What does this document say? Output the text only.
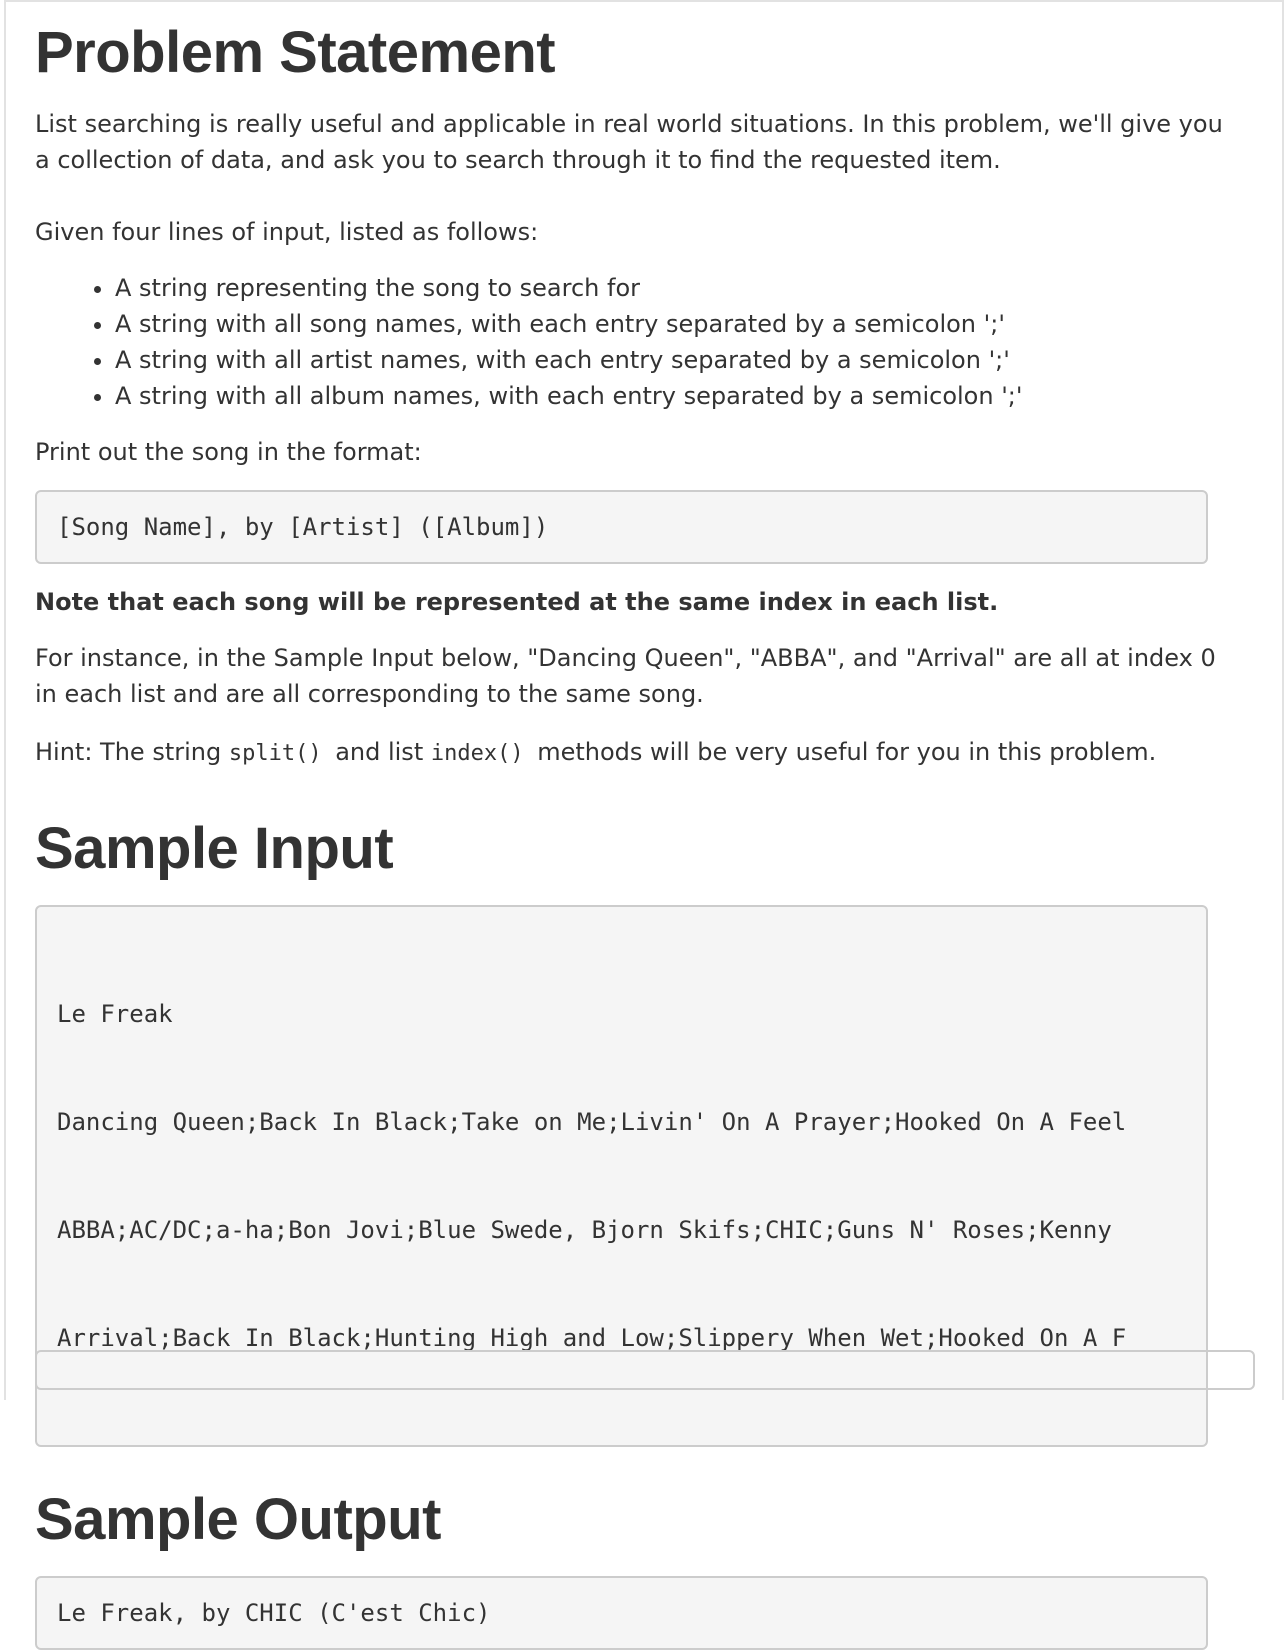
Problem Statement

List searching is really useful and applicable in real world situations. In this problem, we'll give you a collection of data, and ask you to search through it to find the requested item.

Given four lines of input, listed as follows:

• A string representing the song to search for
• A string with all song names, with each entry separated by a semicolon ';'
• A string with all artist names, with each entry separated by a semicolon ';'
• A string with all album names, with each entry separated by a semicolon ';'

Print out the song in the format:

[Song Name], by [Artist] ([Album])

Note that each song will be represented at the same index in each list.

For instance, in the Sample Input below, "Dancing Queen", "ABBA", and "Arrival" are all at index 0 in each list and are all corresponding to the same song.

Hint: The string split() and list index() methods will be very useful for you in this problem.

Sample Input

Le Freak

Dancing Queen;Back In Black;Take on Me;Livin' On A Prayer;Hooked On A Feel

ABBA;AC/DC;a-ha;Bon Jovi;Blue Swede, Bjorn Skifs;CHIC;Guns N' Roses;Kenny

Arrival;Back In Black;Hunting High and Low;Slippery When Wet;Hooked On A F

Sample Output
Le Freak, by CHIC (C'est Chic)
